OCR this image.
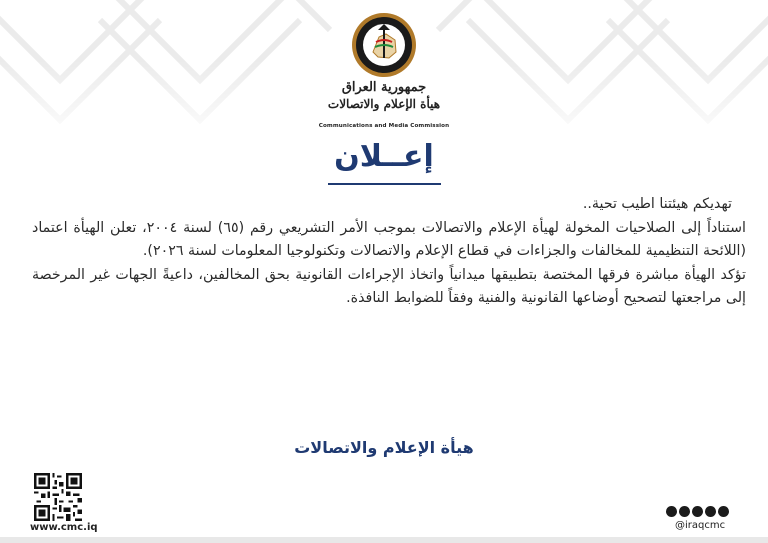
جمهورية العراق
هيأة الإعلام والاتصالات
Communications and Media Commission
إعــلان

تهديكم هيئتنا اطيب تحية..

استناداً إلى الصلاحيات المخولة لهيأة الإعلام والاتصالات بموجب الأمر التشريعي رقم (٦٥) لسنة ٢٠٠٤، تعلن الهيأة اعتماد (اللائحة التنظيمية للمخالفات والجزاءات في قطاع الإعلام والاتصالات وتكنولوجيا المعلومات لسنة ٢٠٢٦).

تؤكد الهيأة مباشرة فرقها المختصة بتطبيقها ميدانياً واتخاذ الإجراءات القانونية بحق المخالفين، داعيةً الجهات غير المرخصة إلى مراجعتها لتصحيح أوضاعها القانونية والفنية وفقاً للضوابط النافذة.

هيأة الإعلام والاتصالات
www.cmc.iq	@iraqcmc
